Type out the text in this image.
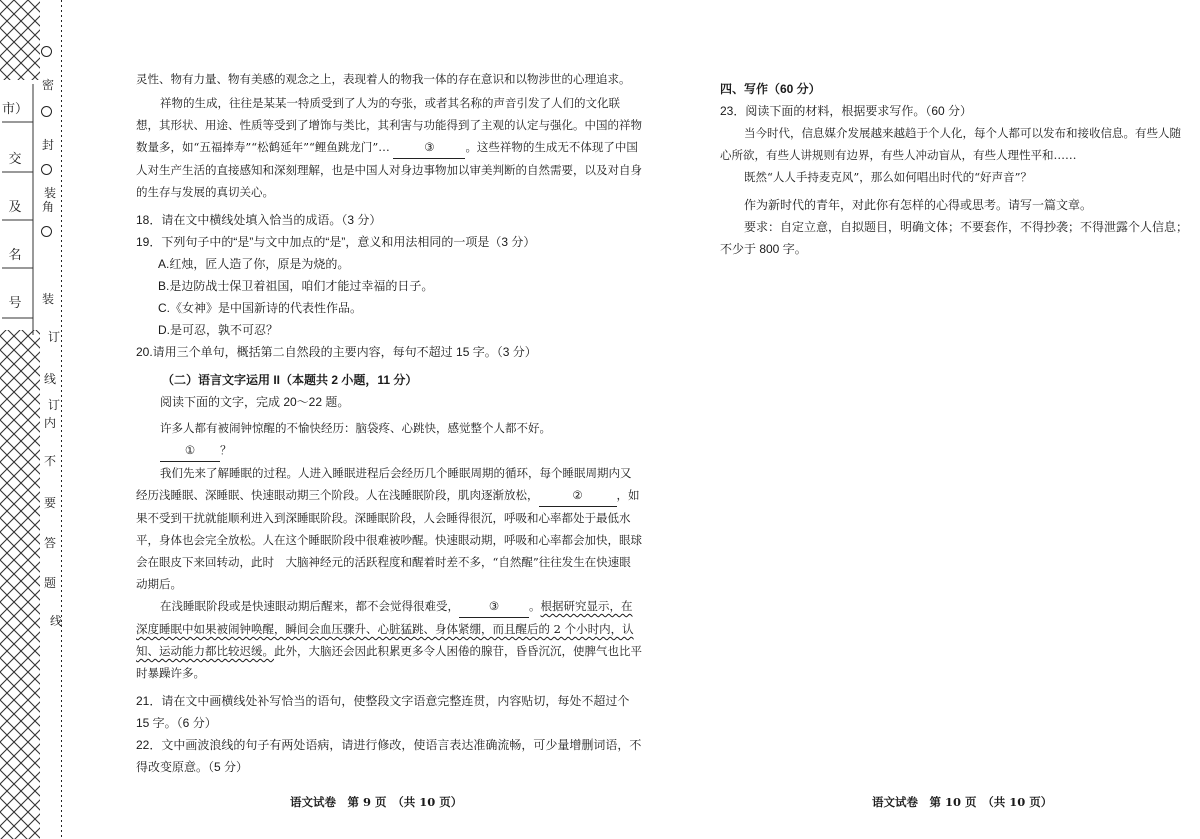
市）
交
及
名
号
密
封
装
角
装
订
线
订
内
不
要
答
题
线

灵性、物有力量、物有美感的观念之上，表现着人的物我一体的存在意识和以物涉世的心理追求。

祥物的生成，往往是某某一特质受到了人为的夸张，或者其名称的声音引发了人们的文化联想，其形状、用途、性质等受到了增饰与类比，其利害与功能得到了主观的认定与强化。中国的祥物数量多，如“五福捧寿”“松鹤延年”“鲤鱼跳龙门”…	③	。这些祥物的生成无不体现了中国人对生产生活的直接感知和深刻理解，也是中国人对身边事物加以审美判断的自然需要，以及对自身的生存与发展的真切关心。

18．请在文中横线处填入恰当的成语。（3 分）

19．下列句子中的“是”与文中加点的“是”，意义和用法相同的一项是（3 分）

A.红烛，匠人造了你，原是为烧的。

B.是边防战士保卫着祖国，咱们才能过幸福的日子。

C.《女神》是中国新诗的代表性作品。

D.是可忍，孰不可忍？

20.请用三个单句，概括第二自然段的主要内容，每句不超过 15 字。（3 分）

（二）语言文字运用 II（本题共 2 小题，11 分）

阅读下面的文字，完成 20～22 题。

许多人都有被闹钟惊醒的不愉快经历：脑袋疼、心跳快，感觉整个人都不好。

① ？

我们先来了解睡眠的过程。人进入睡眠进程后会经历几个睡眠周期的循环，每个睡眠周期内又经历浅睡眠、深睡眠、快速眼动期三个阶段。人在浅睡眠阶段，肌肉逐渐放松，	②	，如果不受到干扰就能顺利进入到深睡眠阶段。深睡眠阶段，人会睡得很沉，呼吸和心率都处于最低水平，身体也会完全放松。人在这个睡眠阶段中很难被吵醒。快速眼动期，呼吸和心率都会加快，眼球会在眼皮下来回转动，此时　大脑神经元的活跃程度和醒着时差不多，“自然醒”往往发生在快速眼动期后。

在浅睡眠阶段或是快速眼动期后醒来，都不会觉得很难受，	③	。根据研究显示，在深度睡眠中如果被闹钟唤醒，瞬间会血压骤升、心脏猛跳、身体紧绷，而且醒后的 2 个小时内，认知、运动能力都比较迟缓。此外，大脑还会因此积累更多令人困倦的腺苷，昏昏沉沉，使脾气也比平时暴躁许多。

21．请在文中画横线处补写恰当的语句，使整段文字语意完整连贯，内容贴切，每处不超过个 15 字。（6 分）

22．文中画波浪线的句子有两处语病，请进行修改，使语言表达准确流畅，可少量增删词语，不得改变原意。（5 分）

语文试卷　第 9 页　（共 10 页）

四、写作（60 分）

23．阅读下面的材料，根据要求写作。（60 分）

当今时代，信息媒介发展越来越趋于个人化，每个人都可以发布和接收信息。有些人随心所欲，有些人讲规则有边界，有些人冲动盲从，有些人理性平和……

既然“人人手持麦克风”，那么如何唱出时代的“好声音”？

作为新时代的青年，对此你有怎样的心得或思考。请写一篇文章。

要求：自定立意，自拟题目，明确文体；不要套作，不得抄袭；不得泄露个人信息；不少于 800 字。

语文试卷　第 10 页　（共 10 页）
